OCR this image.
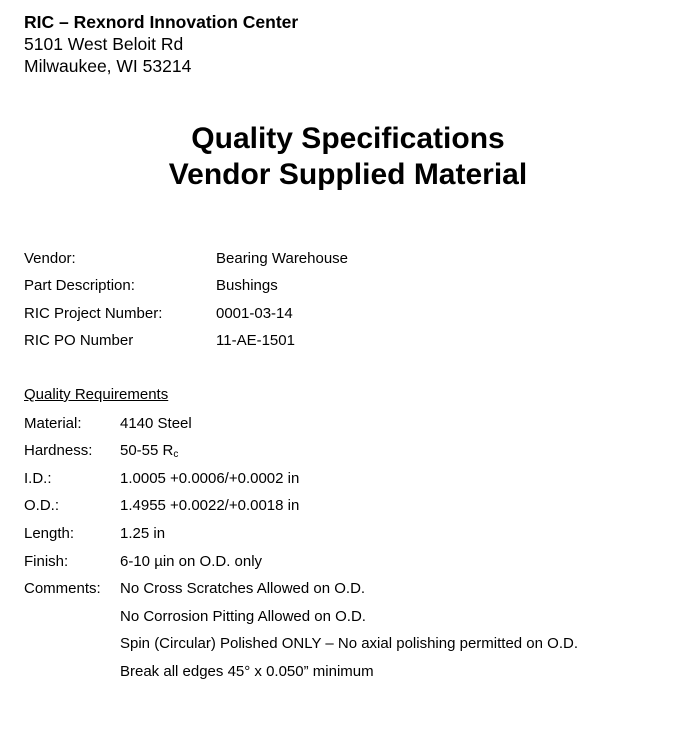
RIC – Rexnord Innovation Center
5101 West Beloit Rd
Milwaukee, WI 53214
Quality Specifications
Vendor Supplied Material
Vendor:	Bearing Warehouse
Part Description:	Bushings
RIC Project Number:	0001-03-14
RIC PO Number	11-AE-1501
Quality Requirements
Material:	4140 Steel
Hardness: 50-55 $R_c$
I.D.:	1.0005 +0.0006/+0.0002 in
O.D.:	1.4955 +0.0022/+0.0018 in
Length:	1.25 in
Finish:	6-10 µin on O.D. only
Comments: No Cross Scratches Allowed on O.D.
No Corrosion Pitting Allowed on O.D.
Spin (Circular) Polished ONLY – No axial polishing permitted on O.D.
Break all edges 45° x 0.050” minimum
